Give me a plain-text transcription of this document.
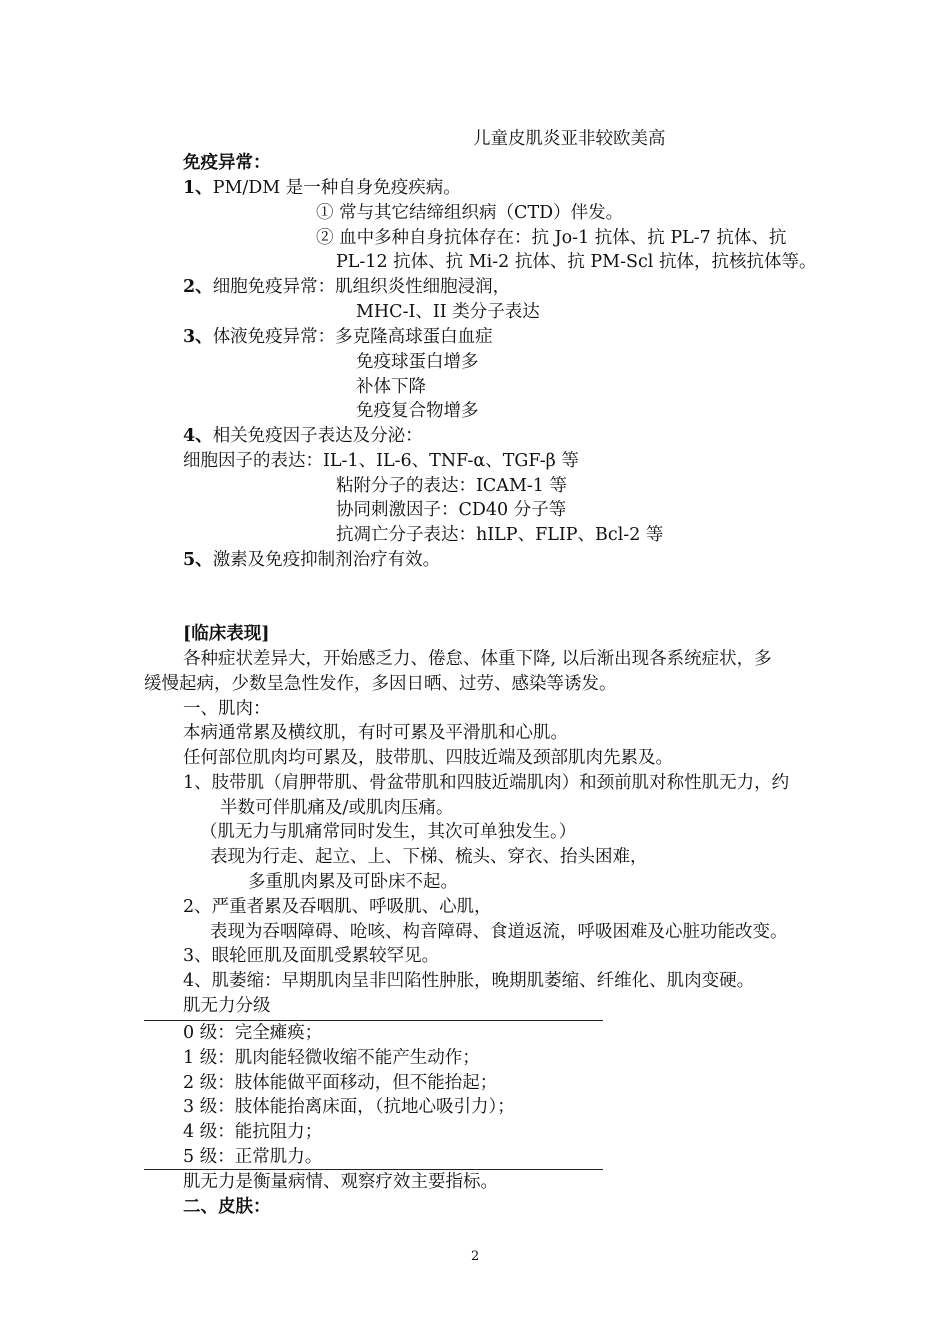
儿童皮肌炎亚非较欧美高
免疫异常：
1、PM/DM 是一种自身免疫疾病。
① 常与其它结缔组织病（CTD）伴发。
② 血中多种自身抗体存在：抗 Jo-1 抗体、抗 PL-7 抗体、抗
PL-12 抗体、抗 Mi-2 抗体、抗 PM-Scl 抗体，抗核抗体等。
2、细胞免疫异常：肌组织炎性细胞浸润，
MHC-I、II 类分子表达
3、体液免疫异常：多克隆高球蛋白血症
免疫球蛋白增多
补体下降
免疫复合物增多
4、相关免疫因子表达及分泌：
细胞因子的表达：IL-1、IL-6、TNF-α、TGF-β 等
粘附分子的表达：ICAM-1 等
协同刺激因子：CD40 分子等
抗凋亡分子表达：hILP、FLIP、Bcl-2 等
5、激素及免疫抑制剂治疗有效。
[临床表现]
各种症状差异大，开始感乏力、倦怠、体重下降, 以后渐出现各系统症状，多
缓慢起病，少数呈急性发作，多因日晒、过劳、感染等诱发。
一、肌肉：
本病通常累及横纹肌，有时可累及平滑肌和心肌。
任何部位肌肉均可累及，肢带肌、四肢近端及颈部肌肉先累及。
1、肢带肌（肩胛带肌、骨盆带肌和四肢近端肌肉）和颈前肌对称性肌无力，约
半数可伴肌痛及/或肌肉压痛。
（肌无力与肌痛常同时发生，其次可单独发生。）
表现为行走、起立、上、下梯、梳头、穿衣、抬头困难，
多重肌肉累及可卧床不起。
2、严重者累及吞咽肌、呼吸肌、心肌，
表现为吞咽障碍、呛咳、构音障碍、食道返流，呼吸困难及心脏功能改变。
3、眼轮匝肌及面肌受累较罕见。
4、肌萎缩：早期肌肉呈非凹陷性肿胀，晚期肌萎缩、纤维化、肌肉变硬。
肌无力分级
0 级：完全瘫痪；
1 级：肌肉能轻微收缩不能产生动作；
2 级：肢体能做平面移动，但不能抬起；
3 级：肢体能抬离床面，（抗地心吸引力）；
4 级：能抗阻力；
5 级：正常肌力。
肌无力是衡量病情、观察疗效主要指标。
二、皮肤：
2
